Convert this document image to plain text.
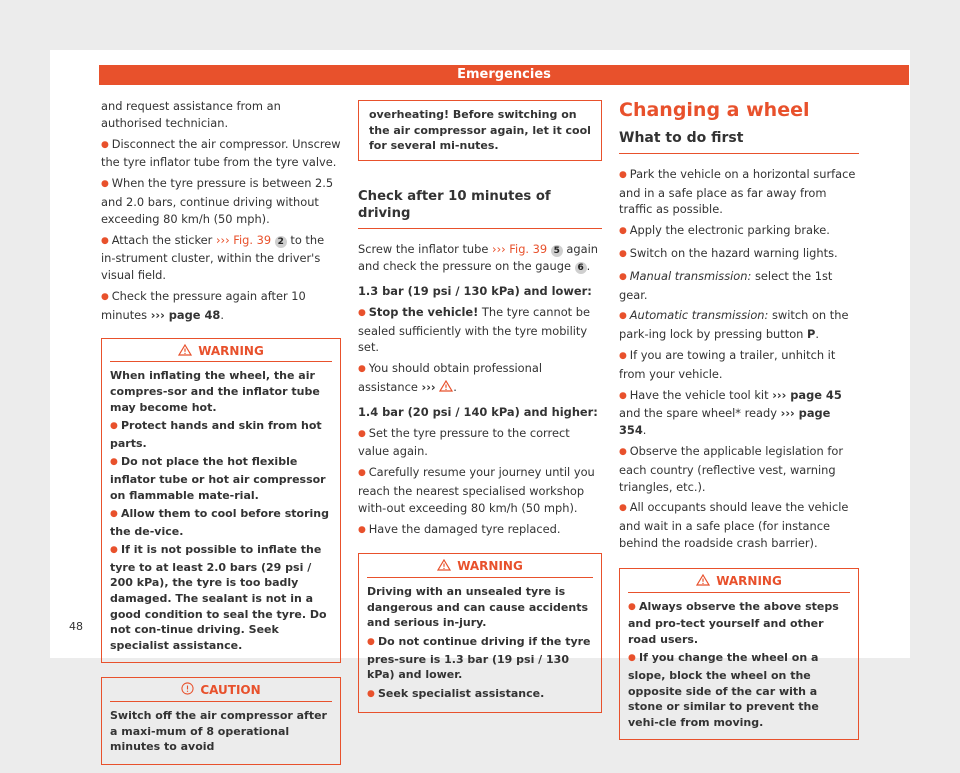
Emergencies

and request assistance from an authorised technician.

● Disconnect the air compressor. Unscrew the tyre inflator tube from the tyre valve.

● When the tyre pressure is between 2.5 and 2.0 bars, continue driving without exceeding 80 km/h (50 mph).

● Attach the sticker ››› Fig. 39 2 to the in-strument cluster, within the driver's visual field.

● Check the pressure again after 10 minutes ››› page 48.

WARNING

When inflating the wheel, the air compres-sor and the inflator tube may become hot.

● Protect hands and skin from hot parts.

● Do not place the hot flexible inflator tube or hot air compressor on flammable mate-rial.

● Allow them to cool before storing the de-vice.

● If it is not possible to inflate the tyre to at least 2.0 bars (29 psi / 200 kPa), the tyre is too badly damaged. The sealant is not in a good condition to seal the tyre. Do not con-tinue driving. Seek specialist assistance.

CAUTION

Switch off the air compressor after a maxi-mum of 8 operational minutes to avoid

overheating! Before switching on the air compressor again, let it cool for several mi-nutes.
Check after 10 minutes of driving

Screw the inflator tube ››› Fig. 39 5 again and check the pressure on the gauge 6 .

1.3 bar (19 psi / 130 kPa) and lower:

● Stop the vehicle! The tyre cannot be sealed sufficiently with the tyre mobility set.

● You should obtain professional assistance ››› .

1.4 bar (20 psi / 140 kPa) and higher:

● Set the tyre pressure to the correct value again.

● Carefully resume your journey until you reach the nearest specialised workshop with-out exceeding 80 km/h (50 mph).

● Have the damaged tyre replaced.

WARNING

Driving with an unsealed tyre is dangerous and can cause accidents and serious in-jury.

● Do not continue driving if the tyre pres-sure is 1.3 bar (19 psi / 130 kPa) and lower.

● Seek specialist assistance.

Changing a wheel
What to do first

● Park the vehicle on a horizontal surface and in a safe place as far away from traffic as possible.

● Apply the electronic parking brake.

● Switch on the hazard warning lights.

● Manual transmission: select the 1st gear.

● Automatic transmission: switch on the park-ing lock by pressing button P.

● If you are towing a trailer, unhitch it from your vehicle.

● Have the vehicle tool kit ››› page 45 and the spare wheel* ready ››› page 354.

● Observe the applicable legislation for each country (reflective vest, warning triangles, etc.).

● All occupants should leave the vehicle and wait in a safe place (for instance behind the roadside crash barrier).

WARNING

● Always observe the above steps and pro-tect yourself and other road users.

● If you change the wheel on a slope, block the wheel on the opposite side of the car with a stone or similar to prevent the vehi-cle from moving.

48
